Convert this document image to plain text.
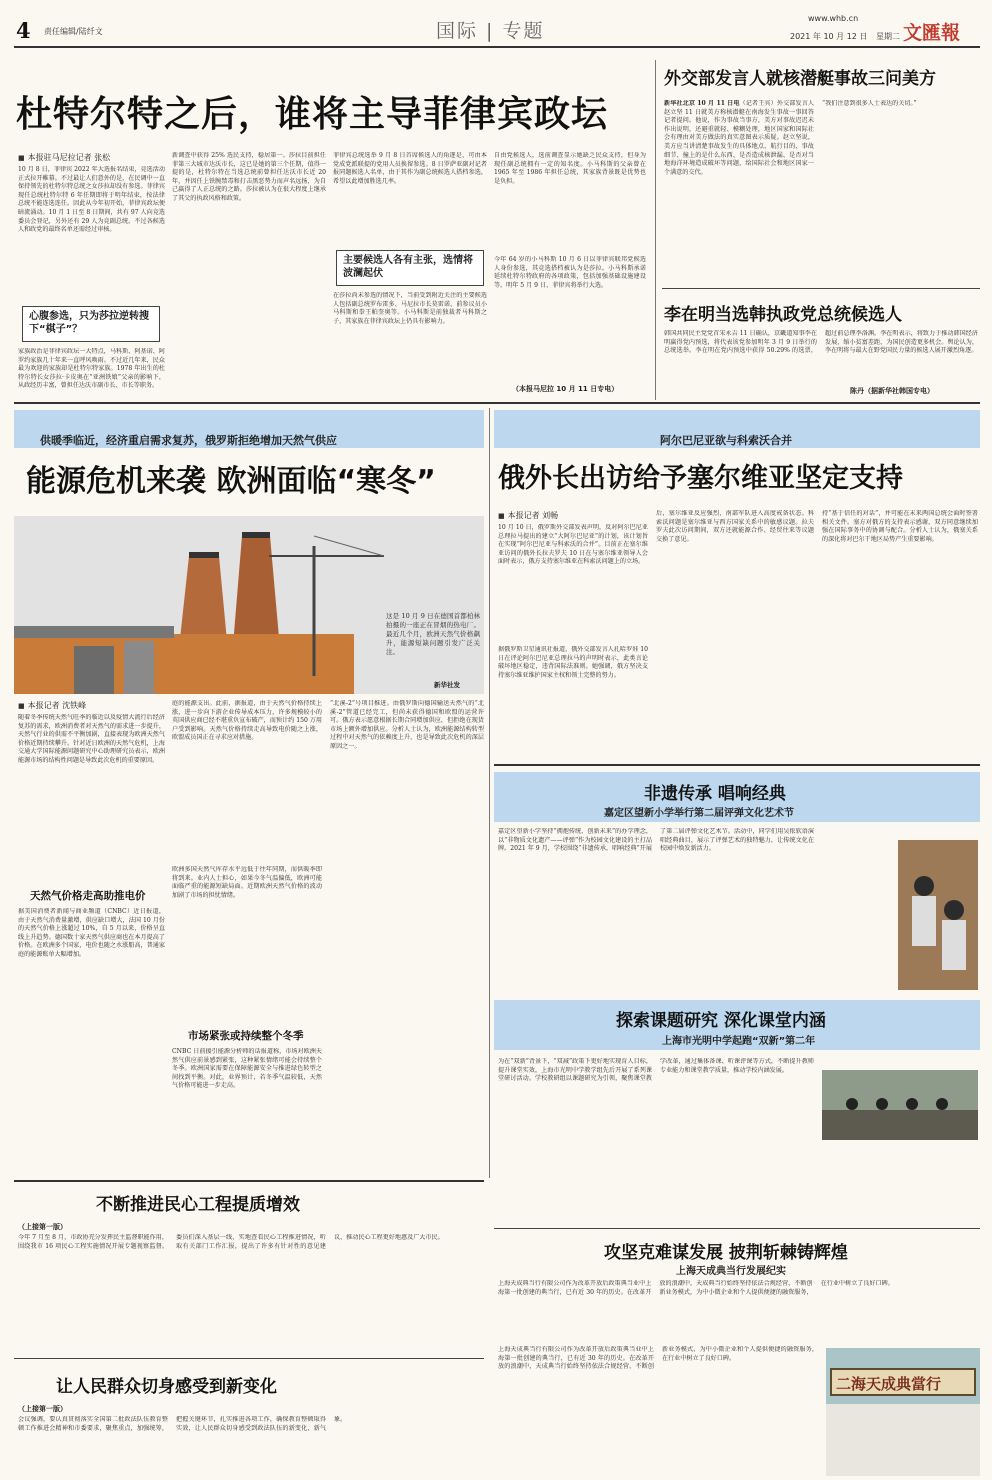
4 责任编辑/陆纤文	国际 | 专题
www.whb.cn
2021 年 10 月 12 日 星期二 文匯報
杜特尔特之后，谁将主导菲律宾政坛
■ 本报驻马尼拉记者 张松
10 月 8 日，菲律宾 2022 年大选报名结束，竞选活动正式拉开帷幕。不过最让人们意外的是，在民调中一直保持领先的杜特尔特总统之女莎拉却没有参选。菲律宾现任总统杜特尔特 6 年任期即将于明年结束，按法律总统不能连选连任。因此从今年初开始，菲律宾政坛便暗流涌动。10 月 1 日至 8 日期间，共有 97 人向竞选委员会登记，另外还有 29 人为竞副总统。不过各候选人和政党的最终名单还需经过审核。
心腹参选，只为莎拉逆转搜下“棋子”？
家族政治是菲律宾政坛一大特点，马科斯、阿基诺、阿罗约家族几十年来一直呼风唤雨。不过近几年来，民众最为欢迎的家族却是杜特尔特家族。1978 年出生的杜特尔特长女莎拉·卡皮奥在“亚洲铁娘”父亲的影响下，从政经历丰富，曾担任达沃市副市长、市长等职务。
新调查中获得 25% 选民支持，稳居第一。莎拉目前担任菲第三大城市达沃市长，这已是她的第三个任期，值得一提的是，杜特尔特在当选总统前曾担任达沃市长近 20 年，并因任上铁腕禁毒和打击黑恶势力而声名远扬，为自己赢得了人正总统的之路。莎拉被认为在很大程度上继承了其父的执政风格和政策。
菲律宾总统选举 9 月 8 日首席候选人的角逐是，可由本党成党派联提的党用人员换留参选。8 日罗萨亚副对记者报同题候选人名单，由于其作为副总统候选人搭档参选，希望以此增加胜选几率。
主要候选人各有主张，选情将波澜起伏
在莎拉尚未参选的情况下，当前受到附近关注的主要候选人包括副总统罗布雷多、马尼拉市长莫雷诺、前参议员小马科斯和拳王帕奎奥等。小马科斯是前独裁者马科斯之子，其家族在菲律宾政坛上仍具有影响力。
自由党候选人，选前调查显示她缺乏民众支持，但身为现任副总统拥有一定的知名度。小马科斯的父亲曾在 1965 年至 1986 年担任总统，其家族背景既是优势也是负担。
今年 64 岁的小马科斯 10 月 6 日以菲律宾联邦党候选人身份参选，其竞选搭档被认为是莎拉。小马科斯承诺延续杜特尔特政府的各项政策，包括加强基础设施建设等。明年 5 月 9 日，菲律宾将举行大选。
（本报马尼拉 10 月 11 日专电）
外交部发言人就核潜艇事故三问美方
新华社北京 10 月 11 日电（记者王宾）外交部发言人赵立坚 11 日就美方称核潜艇在南海发生事故一事回答记者提问。他说，作为事故当事方，美方对事故迟迟未作出说明，还避重就轻、模糊处理，地区国家和国际社会有理由对美方做法的真实意图表示质疑。赵立坚说，美方应当讲清楚事故发生的具体地点、航行目的、事故细节、撞上的是什么东西、是否造成核泄漏、是否对当地海洋环境造成破坏等问题，给国际社会和地区国家一个满意的交代。
“我们注意到很多人士表达的关切。”
李在明当选韩执政党总统候选人
韩国共同民主党党首宋永吉 11 日确认，京畿道知事李在明赢得党内预选，将代表该党参加明年 3 月 9 日举行的总统选举。李在明在党内预选中获得 50.29% 的选票，超过前总理李洛渊。李在明表示，将致力于推动韩国经济发展，缩小贫富差距，为国民创造更多机会。舆论认为，李在明将与最大在野党国民力量的候选人展开激烈角逐。
陈丹（据新华社韩国专电）
供暖季临近，经济重启需求复苏，俄罗斯拒绝增加天然气供应
能源危机来袭 欧洲面临“寒冬”
这是 10 月 9 日在德国首都柏林拍摄的一座正在冒烟的热电厂。最近几个月，欧洲天然气价格飙升，能源短缺问题引发广泛关注。
新华社发
■ 本报记者 沈铁峰
随着冬季传统天然气旺季的临近以及疫情大流行后经济复苏的需求，欧洲消费者对天然气的需求进一步提升，天然气行业的供需不平衡加剧，直接表现为欧洲天然气价格近期持续攀升。针对近日欧洲的天然气危机，上海交通大学国际能源问题研究中心助理研究员表示，欧洲能源市场的结构性问题是导致此次危机的重要原因。
天然气价格走高助推电价
据美国消费者新闻与商业频道（CNBC）近日报道，由于天然气消费量激增，供应缺口增大，法国 10 月份的天然气价格上涨超过 10%，自 5 月以来，价格呈直线上升趋势。德国数十家天然气供应商也在本月提高了价格。在欧洲多个国家，电价也随之水涨船高，普通家庭的能源账单大幅增加。
庭的能源支出。此前，据报道，由于天然气价格持续上涨，进一步向下游企业传导成本压力，许多规模较小的英国供应商已经不堪重负宣布破产，而预计约 150 万用户受到影响。天然气价格持续走高导致电价随之上涨，欧盟成员国正在寻求应对措施。
欧洲多国天然气库存水平远低于往年同期，而供暖季即将到来。业内人士担心，如果今冬气温偏低，欧洲可能面临严重的能源短缺局面。近期欧洲天然气价格的波动加剧了市场的担忧情绪。
市场紧张或持续整个冬季
CNBC 日前援引能源分析师的话报道称，市场对欧洲天然气供应前景感到紧张，这种紧张情绪可能会持续整个冬季。欧洲国家需要在保障能源安全与推进绿色转型之间找到平衡。对此，业界预计，若冬季气温较低，天然气价格可能进一步走高。
“北溪-2”号项目推进。由俄罗斯向德国输送天然气的“北溪-2”管道已经完工，但尚未获得德国和欧盟的运营许可。俄方表示愿意根据长期合同增加供应，但拒绝在现货市场上额外增加供应。分析人士认为，欧洲能源结构转型过程中对天然气的依赖度上升，也是导致此次危机的深层原因之一。
阿尔巴尼亚欲与科索沃合并
俄外长出访给予塞尔维亚坚定支持
■ 本报记者 刘畅
10 月 10 日，俄罗斯外交部发表声明，反对阿尔巴尼亚总理拉马提出的建立“大阿尔巴尼亚”的计划，该计划旨在实现“阿尔巴尼亚与科索沃的合并”。目前正在塞尔维亚访问的俄外长拉夫罗夫 10 日在与塞尔维亚领导人会面时表示，俄方支持塞尔维亚在科索沃问题上的立场。
据俄罗斯卫星通讯社报道，俄外交部发言人扎哈罗娃 10 日在评论阿尔巴尼亚总理拉马的声明时表示，此类言论破坏地区稳定，违背国际法准则。她强调，俄方坚决支持塞尔维亚维护国家主权和领土完整的努力。
后，塞尔维亚反应强烈，南部军队进入高度戒备状态。科索沃问题是塞尔维亚与西方国家关系中的敏感议题。拉夫罗夫此次访问期间，双方还就能源合作、经贸往来等议题交换了意见。
持“基于信任的对话”，并可能在未来两国总统会面时签署相关文件。塞方对俄方的支持表示感谢，双方同意继续加强在国际事务中的协调与配合。分析人士认为，俄塞关系的深化将对巴尔干地区局势产生重要影响。
非遗传承 唱响经典
嘉定区望新小学举行第二届评弹文化艺术节
嘉定区望新小学坚持“拥抱传统、创新未来”的办学理念，以“非物质文化遗产——评弹”作为校园文化建设的主打品牌。2021 年 9 月，学校围绕“非遗传承，唱响经典”开展了第二届评弹文化艺术节。活动中，同学们用吴侬软语演唱经典曲目，展示了评弹艺术的独特魅力，让传统文化在校园中焕发新活力。
探索课题研究 深化课堂内涵
上海市光明中学起跑“双新”第二年
为在“双新”背景下，“双减”政策下更好地实现育人目标，提升课堂实效，上海市光明中学教学组先后开展了系列课堂研讨活动。学校教研组以课题研究为引领，聚焦课堂教学改革，通过集体备课、听课评课等方式，不断提升教师专业能力和课堂教学质量，推动学校内涵发展。
攻坚克难谋发展 披荆斩棘铸辉煌
上海天成典当行发展纪实
上海天成典当行有限公司作为改革开放后政策典当业中上海第一批创建的典当行，已有近 30 年的历史。在改革开放的浪潮中，天成典当行始终坚持依法合规经营，不断创新业务模式，为中小微企业和个人提供便捷的融资服务，在行业中树立了良好口碑。
二海天成典當行
上海天成典当行有限公司作为改革开放后政策典当业中上海第一批创建的典当行，已有近 30 年的历史。在改革开放的浪潮中，天成典当行始终坚持依法合规经营，不断创新业务模式，为中小微企业和个人提供便捷的融资服务，在行业中树立了良好口碑。
不断推进民心工程提质增效
（上接第一版）
今年 7 月至 8 月，市政协充分发挥民主监督职能作用，围绕我市 16 项民心工程实施情况开展专题视察监督。委员们深入基层一线，实地查看民心工程推进情况，听取有关部门工作汇报，提出了许多有针对性的意见建议，推动民心工程更好地惠及广大市民。
让人民群众切身感受到新变化
（上接第一版）
会议强调，要认真贯彻落实全国第二批政法队伍教育整顿工作推进会精神和市委要求，聚焦重点，加强统筹，把握关键环节，扎实推进各项工作，确保教育整顿取得实效，让人民群众切身感受到政法队伍的新变化、新气象。
